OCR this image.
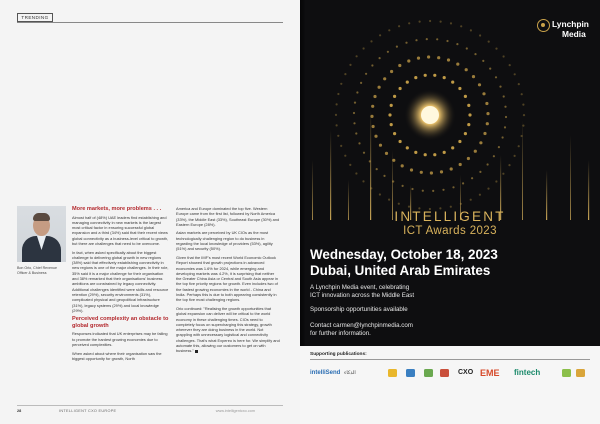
TRENDING
Bon Orio, Chief Revenue Officer & Business
More markets, more problems . . .

Almost half of (48%) UAE leaders find establishing and managing connectivity in new markets is the largest most critical factor in ensuring successful global expansion and a third (34%) said that their recent views global connectivity as a business-level critical to growth, but there are challenges that need to be overcome.

In fact, when asked specifically about the biggest challenge to delivering global growth in new regions (38%) said that effectively establishing connectivity in new regions is one of the major challenges. In their role, 35% said it is a major challenge for their organisation and 38% remarked that their organisations' business ambitions are constrained by legacy connectivity. Additional challenges identified were skills and resource retention (29%), security environments (31%), complicated physical and geopolitical infrastructure (31%), legacy systems (29%) and local knowledge (29%).

Perceived complexity an obstacle to global growth

Responses indicated that UK enterprises may be failing to promote the hardest growing economies due to perceived complexities.

When asked about where their organisation saw the biggest opportunity for growth, North

America and Europe dominated the top five. Western Europe came from the first list, followed by North America (33%), the Middle East (33%), Southeast Europe (30%) and Eastern Europe (28%).

Asian markets are perceived by UK CIOs as the most technologically challenging region to do business in regarding the local knowledge of providers (53%), agility (51%) and security (50%).

Given that the IMF's most recent World Economic Outlook Report showed that growth projections in advanced economies was 1.6% for 2024, while emerging and developing markets was 4.2%, it is surprising that neither the Greater China Asia or Central and South Asia appear in the top five priority regions for growth. Even includes two of the fastest growing economies in the world - China and India. Perhaps this is due to both appearing consistently in the top five most challenging regions.

Orio continued: "Realising the growth opportunities that global expansion can deliver will be critical to the world economy in these challenging times. CIOs need to completely focus on supercharging this strategy, growth wherever they are doing business in the world. Not grappling with unnecessary logistical and connectivity challenges. That's what Expereo is here for. We simplify and automate this, allowing our customers to get on with business."

28	INTELLIGENT CXO EUROPE	www.intelligentcxo.com
Lynchpin
Media
INTELLIGENT
ICT Awards 2023
Wednesday, October 18, 2023
Dubai, United Arab Emirates
A Lynchpin Media event, celebrating
ICT innovation across the Middle East
Sponsorship opportunities available
Contact carmen@lynchpinmedia.com
for further information.
Supporting publications:
intelliSend الذكاء	CXO EME fintech
